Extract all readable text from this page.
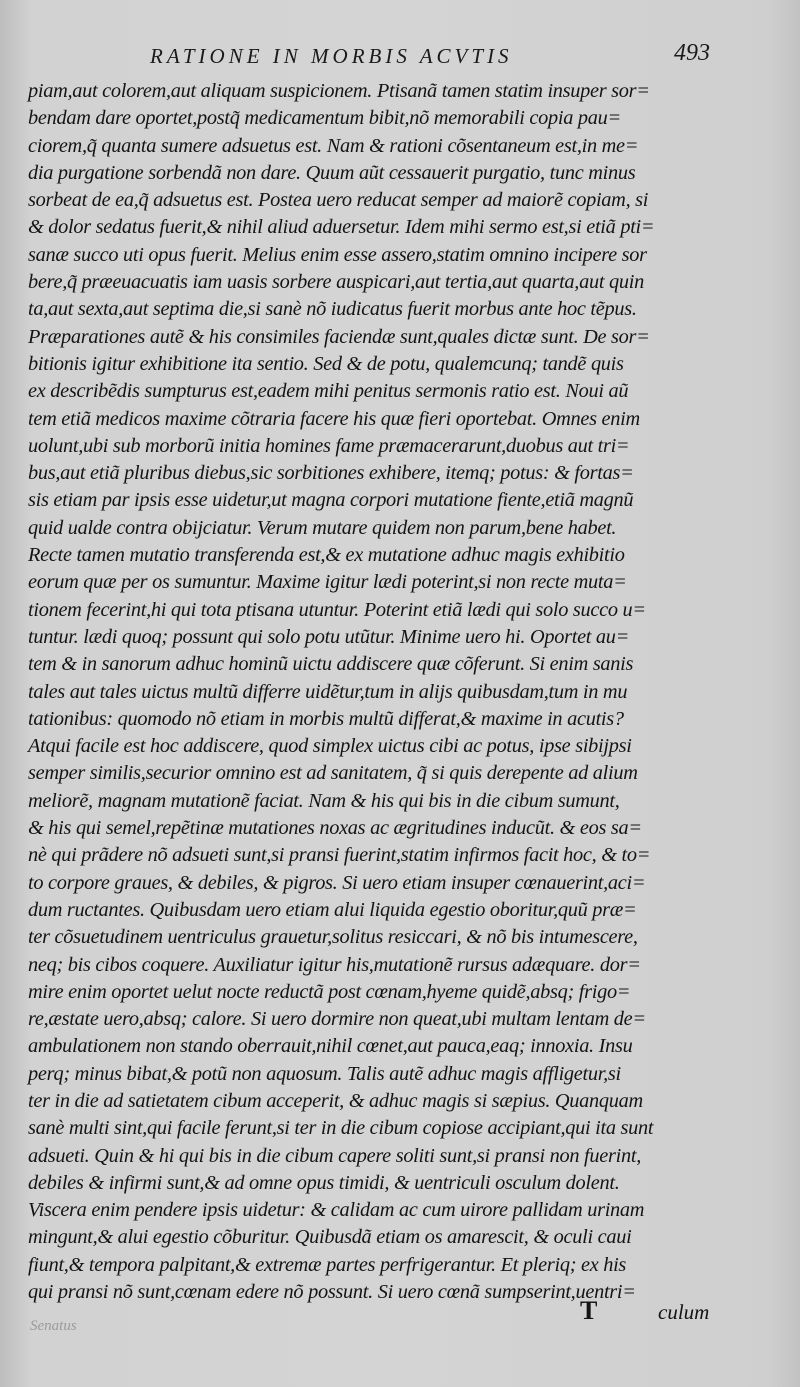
RATIONE IN MORBIS ACVTIS	493
piam,aut colorem,aut aliquam suspicionem. Ptisanã tamen statim insuper sor=
bendam dare oportet,postq̃ medicamentum bibit,nõ memorabili copia pau=
ciorem,q̃ quanta sumere adsuetus est. Nam & rationi cõsentaneum est,in me=
dia purgatione sorbendã non dare. Quum aũt cessauerit purgatio, tunc minus
sorbeat de ea,q̃ adsuetus est. Postea uero reducat semper ad maiorẽ copiam, si
& dolor sedatus fuerit,& nihil aliud aduersetur. Idem mihi sermo est,si etiã pti=
sanæ succo uti opus fuerit. Melius enim esse assero,statim omnino incipere sor
bere,q̃ præeuacuatis iam uasis sorbere auspicari,aut tertia,aut quarta,aut quin
ta,aut sexta,aut septima die,si sanè nõ iudicatus fuerit morbus ante hoc tẽpus.
Præparationes autẽ & his consimiles faciendæ sunt,quales dictæ sunt. De sor=
bitionis igitur exhibitione ita sentio. Sed & de potu, qualemcunq; tandẽ quis
ex describẽdis sumpturus est,eadem mihi penitus sermonis ratio est. Noui aũ
tem etiã medicos maxime cõtraria facere his quæ fieri oportebat. Omnes enim
uolunt,ubi sub morborũ initia homines fame præmacerarunt,duobus aut tri=
bus,aut etiã pluribus diebus,sic sorbitiones exhibere, itemq; potus: & fortas=
sis etiam par ipsis esse uidetur,ut magna corpori mutatione fiente,etiã magnũ
quid ualde contra obijciatur. Verum mutare quidem non parum,bene habet.
Recte tamen mutatio transferenda est,& ex mutatione adhuc magis exhibitio
eorum quæ per os sumuntur. Maxime igitur lædi poterint,si non recte muta=
tionem fecerint,hi qui tota ptisana utuntur. Poterint etiã lædi qui solo succo u=
tuntur. lædi quoq; possunt qui solo potu utũtur. Minime uero hi. Oportet au=
tem & in sanorum adhuc hominũ uictu addiscere quæ cõferunt. Si enim sanis
tales aut tales uictus multũ differre uidẽtur,tum in alijs quibusdam,tum in mu
tationibus: quomodo nõ etiam in morbis multũ differat,& maxime in acutis?
Atqui facile est hoc addiscere, quod simplex uictus cibi ac potus, ipse sibijpsi
semper similis,securior omnino est ad sanitatem, q̃ si quis derepente ad alium
meliorẽ, magnam mutationẽ faciat. Nam & his qui bis in die cibum sumunt,
& his qui semel,repẽtinæ mutationes noxas ac ægritudines inducũt. & eos sa=
nè qui prãdere nõ adsueti sunt,si pransi fuerint,statim infirmos facit hoc, & to=
to corpore graues, & debiles, & pigros. Si uero etiam insuper cœnauerint,aci=
dum ructantes. Quibusdam uero etiam alui liquida egestio oboritur,quũ præ=
ter cõsuetudinem uentriculus grauetur,solitus resiccari, & nõ bis intumescere,
neq; bis cibos coquere. Auxiliatur igitur his,mutationẽ rursus adæquare. dor=
mire enim oportet uelut nocte reductã post cœnam,hyeme quidẽ,absq; frigo=
re,æstate uero,absq; calore. Si uero dormire non queat,ubi multam lentam de=
ambulationem non stando oberrauit,nihil cœnet,aut pauca,eaq; innoxia. Insu
perq; minus bibat,& potũ non aquosum. Talis autẽ adhuc magis affligetur,si
ter in die ad satietatem cibum acceperit, & adhuc magis si sæpius. Quanquam
sanè multi sint,qui facile ferunt,si ter in die cibum copiose accipiant,qui ita sunt
adsueti. Quin & hi qui bis in die cibum capere soliti sunt,si pransi non fuerint,
debiles & infirmi sunt,& ad omne opus timidi, & uentriculi osculum dolent.
Viscera enim pendere ipsis uidetur: & calidam ac cum uirore pallidam urinam
mingunt,& alui egestio cõburitur. Quibusdã etiam os amarescit, & oculi caui
fiunt,& tempora palpitant,& extremæ partes perfrigerantur. Et pleriq; ex his
qui pransi nõ sunt,cœnam edere nõ possunt. Si uero cœnã sumpserint,uentri=
T	culum
Senatus
